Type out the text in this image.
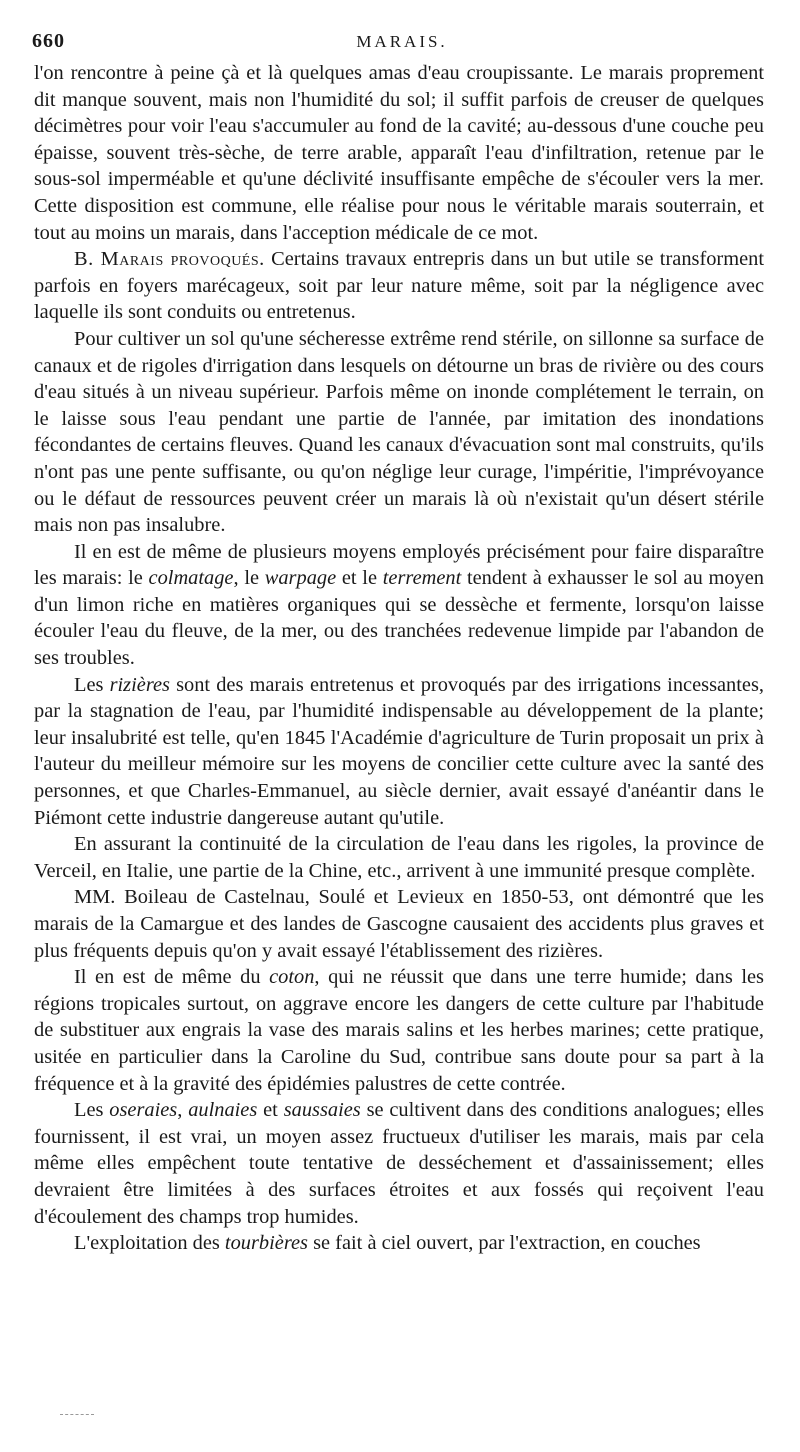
660	MARAIS.

l'on rencontre à peine çà et là quelques amas d'eau croupissante. Le marais proprement dit manque souvent, mais non l'humidité du sol; il suffit parfois de creuser de quelques décimètres pour voir l'eau s'accumuler au fond de la cavité; au-dessous d'une couche peu épaisse, souvent très-sèche, de terre arable, apparaît l'eau d'infiltration, retenue par le sous-sol imperméable et qu'une déclivité insuffisante empêche de s'écouler vers la mer. Cette disposition est commune, elle réalise pour nous le véritable marais souterrain, et tout au moins un marais, dans l'acception médicale de ce mot.

B. Marais provoqués. Certains travaux entrepris dans un but utile se transforment parfois en foyers marécageux, soit par leur nature même, soit par la négligence avec laquelle ils sont conduits ou entretenus.

Pour cultiver un sol qu'une sécheresse extrême rend stérile, on sillonne sa surface de canaux et de rigoles d'irrigation dans lesquels on détourne un bras de rivière ou des cours d'eau situés à un niveau supérieur. Parfois même on inonde complétement le terrain, on le laisse sous l'eau pendant une partie de l'année, par imitation des inondations fécondantes de certains fleuves. Quand les canaux d'évacuation sont mal construits, qu'ils n'ont pas une pente suffisante, ou qu'on néglige leur curage, l'impéritie, l'imprévoyance ou le défaut de ressources peuvent créer un marais là où n'existait qu'un désert stérile mais non pas insalubre.

Il en est de même de plusieurs moyens employés précisément pour faire disparaître les marais: le colmatage, le warpage et le terrement tendent à exhausser le sol au moyen d'un limon riche en matières organiques qui se dessèche et fermente, lorsqu'on laisse écouler l'eau du fleuve, de la mer, ou des tranchées redevenue limpide par l'abandon de ses troubles.

Les rizières sont des marais entretenus et provoqués par des irrigations incessantes, par la stagnation de l'eau, par l'humidité indispensable au développement de la plante; leur insalubrité est telle, qu'en 1845 l'Académie d'agriculture de Turin proposait un prix à l'auteur du meilleur mémoire sur les moyens de concilier cette culture avec la santé des personnes, et que Charles-Emmanuel, au siècle dernier, avait essayé d'anéantir dans le Piémont cette industrie dangereuse autant qu'utile.

En assurant la continuité de la circulation de l'eau dans les rigoles, la province de Verceil, en Italie, une partie de la Chine, etc., arrivent à une immunité presque complète.

MM. Boileau de Castelnau, Soulé et Levieux en 1850-53, ont démontré que les marais de la Camargue et des landes de Gascogne causaient des accidents plus graves et plus fréquents depuis qu'on y avait essayé l'établissement des rizières.

Il en est de même du coton, qui ne réussit que dans une terre humide; dans les régions tropicales surtout, on aggrave encore les dangers de cette culture par l'habitude de substituer aux engrais la vase des marais salins et les herbes marines; cette pratique, usitée en particulier dans la Caroline du Sud, contribue sans doute pour sa part à la fréquence et à la gravité des épidémies palustres de cette contrée.

Les oseraies, aulnaies et saussaies se cultivent dans des conditions analogues; elles fournissent, il est vrai, un moyen assez fructueux d'utiliser les marais, mais par cela même elles empêchent toute tentative de desséchement et d'assainissement; elles devraient être limitées à des surfaces étroites et aux fossés qui reçoivent l'eau d'écoulement des champs trop humides.

L'exploitation des tourbières se fait à ciel ouvert, par l'extraction, en couches
